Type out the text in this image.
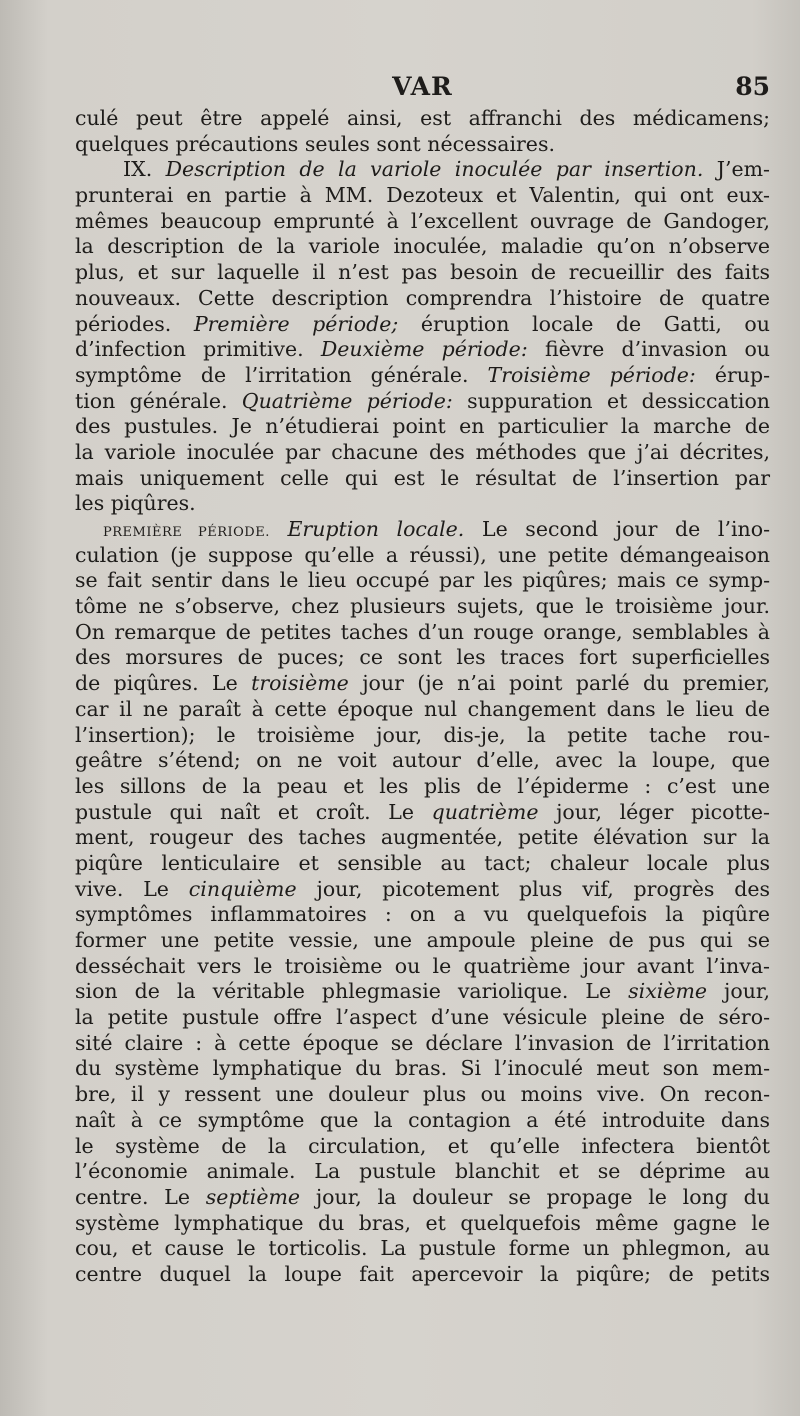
VAR	85
culé peut être appelé ainsi, est affranchi des médicamens;
quelques précautions seules sont nécessaires.
IX. Description de la variole inoculée par insertion. J’em-
prunterai en partie à MM. Dezoteux et Valentin, qui ont eux-
mêmes beaucoup emprunté à l’excellent ouvrage de Gandoger,
la description de la variole inoculée, maladie qu’on n’observe
plus, et sur laquelle il n’est pas besoin de recueillir des faits
nouveaux. Cette description comprendra l’histoire de quatre
périodes. Première période; éruption locale de Gatti, ou
d’infection primitive. Deuxième période: fièvre d’invasion ou
symptôme de l’irritation générale. Troisième période: érup-
tion générale. Quatrième période: suppuration et dessiccation
des pustules. Je n’étudierai point en particulier la marche de
la variole inoculée par chacune des méthodes que j’ai décrites,
mais uniquement celle qui est le résultat de l’insertion par
les piqûres.
PREMIÈRE PÉRIODE. Eruption locale. Le second jour de l’ino-
culation (je suppose qu’elle a réussi), une petite démangeaison
se fait sentir dans le lieu occupé par les piqûres; mais ce symp-
tôme ne s’observe, chez plusieurs sujets, que le troisième jour.
On remarque de petites taches d’un rouge orange, semblables à
des morsures de puces; ce sont les traces fort superficielles
de piqûres. Le troisième jour (je n’ai point parlé du premier,
car il ne paraît à cette époque nul changement dans le lieu de
l’insertion); le troisième jour, dis-je, la petite tache rou-
geâtre s’étend; on ne voit autour d’elle, avec la loupe, que
les sillons de la peau et les plis de l’épiderme : c’est une
pustule qui naît et croît. Le quatrième jour, léger picotte-
ment, rougeur des taches augmentée, petite élévation sur la
piqûre lenticulaire et sensible au tact; chaleur locale plus
vive. Le cinquième jour, picotement plus vif, progrès des
symptômes inflammatoires : on a vu quelquefois la piqûre
former une petite vessie, une ampoule pleine de pus qui se
desséchait vers le troisième ou le quatrième jour avant l’inva-
sion de la véritable phlegmasie variolique. Le sixième jour,
la petite pustule offre l’aspect d’une vésicule pleine de séro-
sité claire : à cette époque se déclare l’invasion de l’irritation
du système lymphatique du bras. Si l’inoculé meut son mem-
bre, il y ressent une douleur plus ou moins vive. On recon-
naît à ce symptôme que la contagion a été introduite dans
le système de la circulation, et qu’elle infectera bientôt
l’économie animale. La pustule blanchit et se déprime au
centre. Le septième jour, la douleur se propage le long du
système lymphatique du bras, et quelquefois même gagne le
cou, et cause le torticolis. La pustule forme un phlegmon, au
centre duquel la loupe fait apercevoir la piqûre; de petits
